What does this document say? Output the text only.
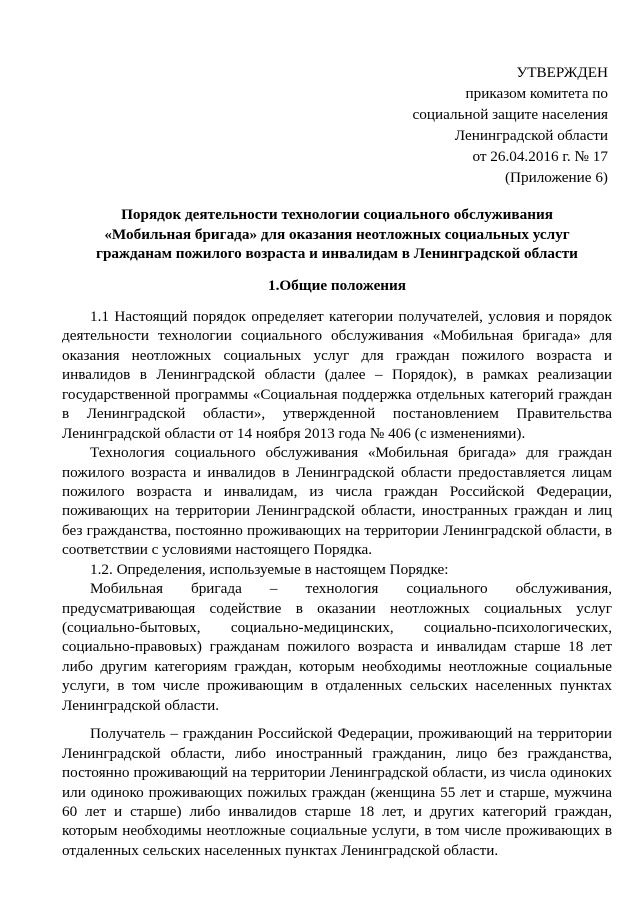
УТВЕРЖДЕН
приказом комитета по
социальной защите населения
Ленинградской области
от 26.04.2016 г. № 17
(Приложение 6)
Порядок деятельности технологии социального обслуживания
«Мобильная бригада» для оказания неотложных социальных услуг
гражданам пожилого возраста и инвалидам в Ленинградской области
1.Общие положения
1.1 Настоящий порядок определяет категории получателей, условия и порядок
деятельности технологии социального обслуживания «Мобильная бригада» для
оказания неотложных социальных услуг для граждан пожилого возраста и
инвалидов в Ленинградской области (далее – Порядок), в рамках реализации
государственной программы «Социальная поддержка отдельных категорий граждан
в Ленинградской области», утвержденной постановлением Правительства
Ленинградской области от 14 ноября 2013 года № 406 (с изменениями).
Технология социального обслуживания «Мобильная бригада» для граждан
пожилого возраста и инвалидов в Ленинградской области предоставляется лицам
пожилого возраста и инвалидам, из числа граждан Российской Федерации,
поживающих на территории Ленинградской области, иностранных граждан и лиц
без гражданства, постоянно проживающих на территории Ленинградской области, в
соответствии с условиями настоящего Порядка.
1.2. Определения, используемые в настоящем Порядке:
Мобильная бригада – технология социального обслуживания,
предусматривающая содействие в оказании неотложных социальных услуг
(социально-бытовых, социально-медицинских, социально-психологических,
социально-правовых) гражданам пожилого возраста и инвалидам старше 18 лет
либо другим категориям граждан, которым необходимы неотложные социальные
услуги, в том числе проживающим в отдаленных сельских населенных пунктах
Ленинградской области.
Получатель – гражданин Российской Федерации, проживающий на территории
Ленинградской области, либо иностранный гражданин, лицо без гражданства,
постоянно проживающий на территории Ленинградской области, из числа одиноких
или одиноко проживающих пожилых граждан (женщина 55 лет и старше, мужчина
60 лет и старше) либо инвалидов старше 18 лет, и других категорий граждан,
которым необходимы неотложные социальные услуги, в том числе проживающих в
отдаленных сельских населенных пунктах Ленинградской области.
